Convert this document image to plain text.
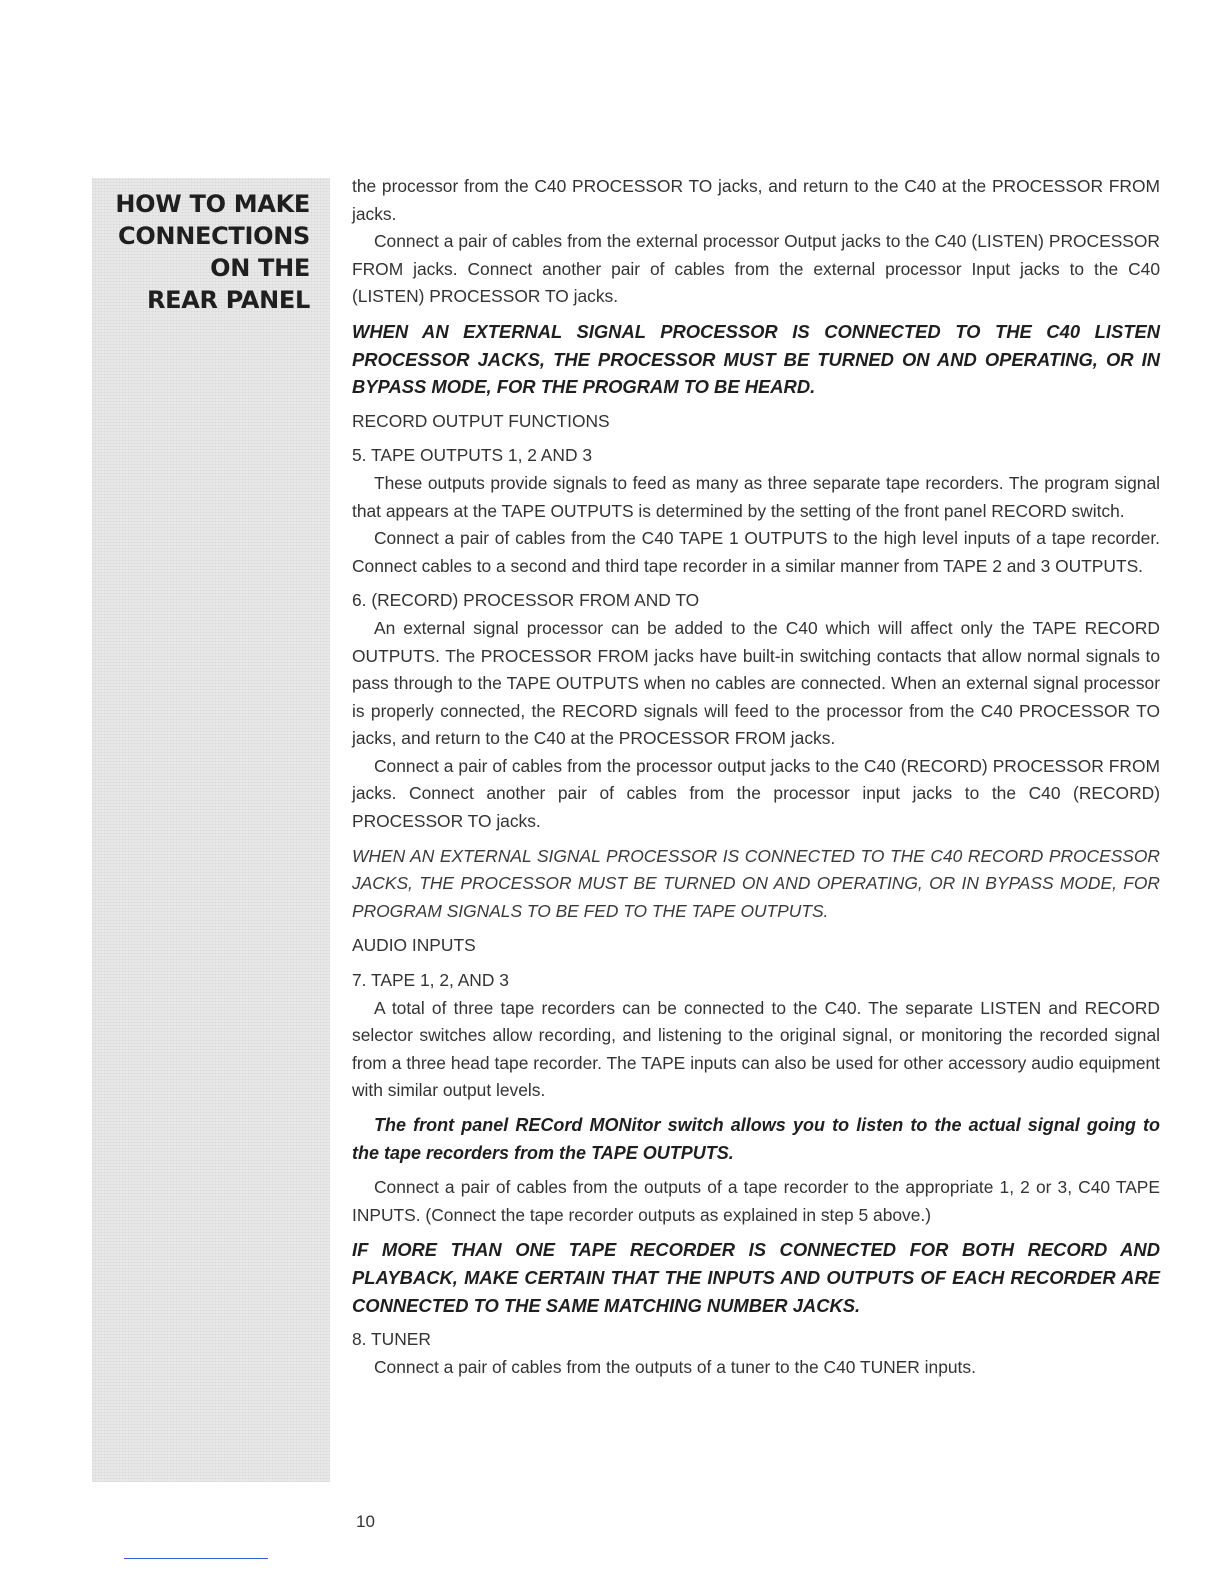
HOW TO MAKE
CONNECTIONS
ON THE
REAR PANEL

the processor from the C40 PROCESSOR TO jacks, and return to the C40 at the PROCESSOR FROM jacks.

Connect a pair of cables from the external processor Output jacks to the C40 (LISTEN) PROCESSOR FROM jacks. Connect another pair of cables from the external processor Input jacks to the C40 (LISTEN) PROCESSOR TO jacks.

WHEN AN EXTERNAL SIGNAL PROCESSOR IS CONNECTED TO THE C40 LISTEN PROCESSOR JACKS, THE PROCESSOR MUST BE TURNED ON AND OPERATING, OR IN BYPASS MODE, FOR THE PROGRAM TO BE HEARD.

RECORD OUTPUT FUNCTIONS

5. TAPE OUTPUTS 1, 2 AND 3

These outputs provide signals to feed as many as three separate tape recorders. The program signal that appears at the TAPE OUTPUTS is determined by the setting of the front panel RECORD switch.

Connect a pair of cables from the C40 TAPE 1 OUTPUTS to the high level inputs of a tape recorder. Connect cables to a second and third tape recorder in a similar manner from TAPE 2 and 3 OUTPUTS.

6. (RECORD) PROCESSOR FROM AND TO

An external signal processor can be added to the C40 which will affect only the TAPE RECORD OUTPUTS. The PROCESSOR FROM jacks have built-in switching contacts that allow normal signals to pass through to the TAPE OUTPUTS when no cables are connected. When an external signal processor is properly connected, the RECORD signals will feed to the processor from the C40 PROCESSOR TO jacks, and return to the C40 at the PROCESSOR FROM jacks.

Connect a pair of cables from the processor output jacks to the C40 (RECORD) PROCESSOR FROM jacks. Connect another pair of cables from the processor input jacks to the C40 (RECORD) PROCESSOR TO jacks.

WHEN AN EXTERNAL SIGNAL PROCESSOR IS CONNECTED TO THE C40 RECORD PROCESSOR JACKS, THE PROCESSOR MUST BE TURNED ON AND OPERATING, OR IN BYPASS MODE, FOR PROGRAM SIGNALS TO BE FED TO THE TAPE OUTPUTS.

AUDIO INPUTS

7. TAPE 1, 2, AND 3

A total of three tape recorders can be connected to the C40. The separate LISTEN and RECORD selector switches allow recording, and listening to the original signal, or monitoring the recorded signal from a three head tape recorder. The TAPE inputs can also be used for other accessory audio equipment with similar output levels.

The front panel RECord MONitor switch allows you to listen to the actual signal going to the tape recorders from the TAPE OUTPUTS.

Connect a pair of cables from the outputs of a tape recorder to the appropriate 1, 2 or 3, C40 TAPE INPUTS. (Connect the tape recorder outputs as explained in step 5 above.)

IF MORE THAN ONE TAPE RECORDER IS CONNECTED FOR BOTH RECORD AND PLAYBACK, MAKE CERTAIN THAT THE INPUTS AND OUTPUTS OF EACH RECORDER ARE CONNECTED TO THE SAME MATCHING NUMBER JACKS.

8. TUNER

Connect a pair of cables from the outputs of a tuner to the C40 TUNER inputs.

10
